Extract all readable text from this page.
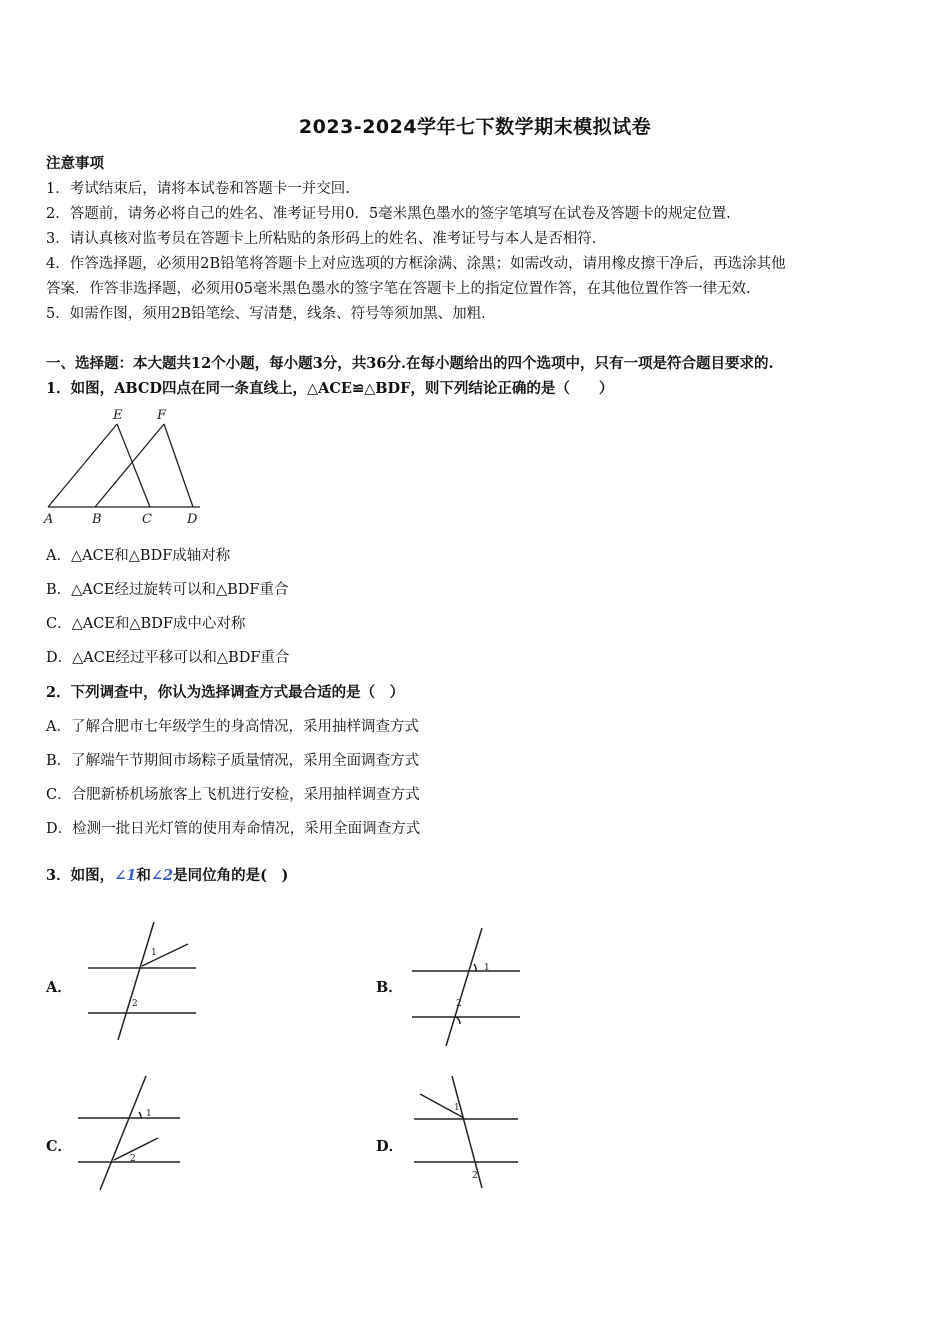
2023-2024学年七下数学期末模拟试卷
注意事项
1．考试结束后，请将本试卷和答题卡一并交回.
2．答题前，请务必将自己的姓名、准考证号用0．5毫米黑色墨水的签字笔填写在试卷及答题卡的规定位置.
3．请认真核对监考员在答题卡上所粘贴的条形码上的姓名、准考证号与本人是否相符.
4．作答选择题，必须用2B铅笔将答题卡上对应选项的方框涂满、涂黑；如需改动，请用橡皮擦干净后，再选涂其他
答案．作答非选择题，必须用05毫米黑色墨水的签字笔在答题卡上的指定位置作答，在其他位置作答一律无效.
5．如需作图，须用2B铅笔绘、写清楚，线条、符号等须加黑、加粗.
一、选择题：本大题共12个小题，每小题3分，共36分.在每小题给出的四个选项中，只有一项是符合题目要求的.
1．如图，ABCD四点在同一条直线上，△ACE≌△BDF，则下列结论正确的是（　　）
A	B	C	D
E	F
A．△ACE和△BDF成轴对称
B．△ACE经过旋转可以和△BDF重合
C．△ACE和△BDF成中心对称
D．△ACE经过平移可以和△BDF重合
2．下列调查中，你认为选择调查方式最合适的是（　）
A．了解合肥市七年级学生的身高情况，采用抽样调查方式
B．了解端午节期间市场粽子质量情况，采用全面调查方式
C．合肥新桥机场旅客上飞机进行安检，采用抽样调查方式
D．检测一批日光灯管的使用寿命情况，采用全面调查方式
3．如图，∠1和∠2是同位角的是(　)
A．
1
2
B．
1
2
C．
1
2
D．
1
2
